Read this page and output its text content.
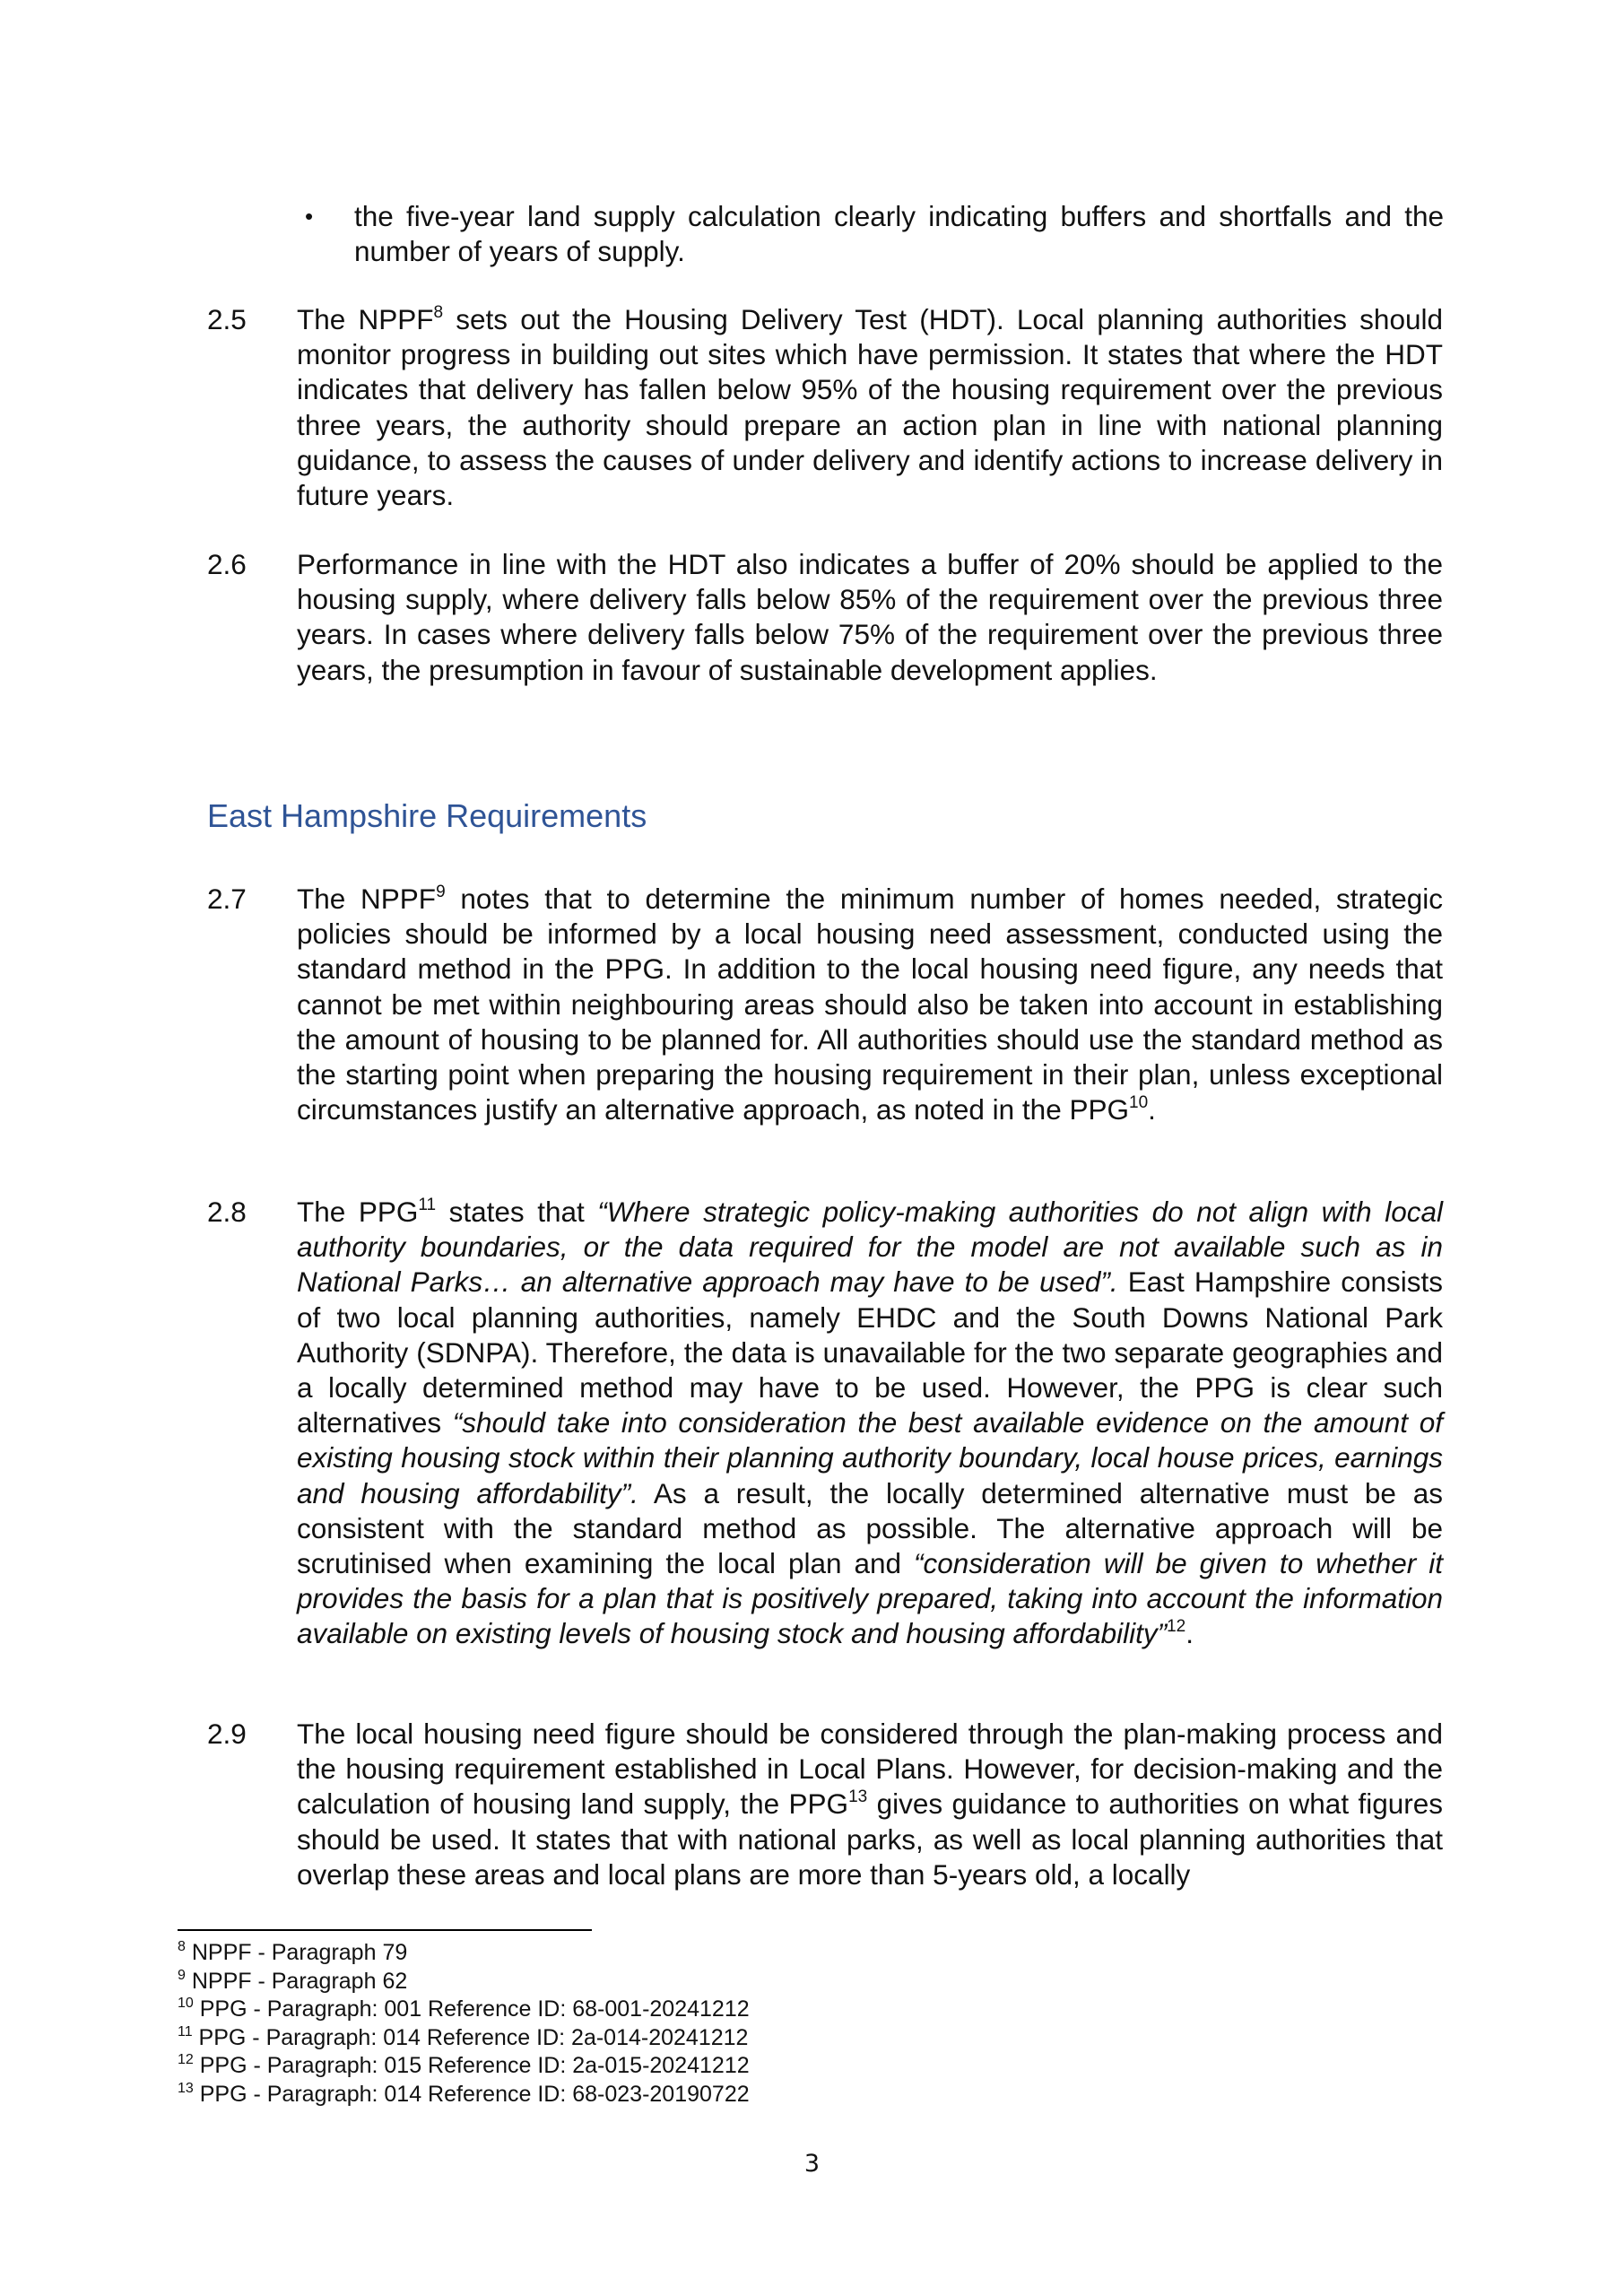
• the five-year land supply calculation clearly indicating buffers and shortfalls and the number of years of supply.
2.5 The NPPF$^8$ sets out the Housing Delivery Test (HDT). Local planning authorities should monitor progress in building out sites which have permission. It states that where the HDT indicates that delivery has fallen below 95% of the housing requirement over the previous three years, the authority should prepare an action plan in line with national planning guidance, to assess the causes of under delivery and identify actions to increase delivery in future years.
2.6 Performance in line with the HDT also indicates a buffer of 20% should be applied to the housing supply, where delivery falls below 85% of the requirement over the previous three years. In cases where delivery falls below 75% of the requirement over the previous three years, the presumption in favour of sustainable development applies.
East Hampshire Requirements
2.7 The NPPF$^9$ notes that to determine the minimum number of homes needed, strategic policies should be informed by a local housing need assessment, conducted using the standard method in the PPG. In addition to the local housing need figure, any needs that cannot be met within neighbouring areas should also be taken into account in establishing the amount of housing to be planned for. All authorities should use the standard method as the starting point when preparing the housing requirement in their plan, unless exceptional circumstances justify an alternative approach, as noted in the PPG$^{10}$.
2.8 The PPG$^{11}$ states that “Where strategic policy-making authorities do not align with local authority boundaries, or the data required for the model are not available such as in National Parks… an alternative approach may have to be used”. East Hampshire consists of two local planning authorities, namely EHDC and the South Downs National Park Authority (SDNPA). Therefore, the data is unavailable for the two separate geographies and a locally determined method may have to be used. However, the PPG is clear such alternatives “should take into consideration the best available evidence on the amount of existing housing stock within their planning authority boundary, local house prices, earnings and housing affordability”. As a result, the locally determined alternative must be as consistent with the standard method as possible. The alternative approach will be scrutinised when examining the local plan and “consideration will be given to whether it provides the basis for a plan that is positively prepared, taking into account the information available on existing levels of housing stock and housing affordability”$^{12}$.
2.9 The local housing need figure should be considered through the plan-making process and the housing requirement established in Local Plans. However, for decision-making and the calculation of housing land supply, the PPG$^{13}$ gives guidance to authorities on what figures should be used. It states that with national parks, as well as local planning authorities that overlap these areas and local plans are more than 5-years old, a locally
$^8$ NPPF - Paragraph 79
$^9$ NPPF - Paragraph 62
$^{10}$ PPG - Paragraph: 001 Reference ID: 68-001-20241212
$^{11}$ PPG - Paragraph: 014 Reference ID: 2a-014-20241212
$^{12}$ PPG - Paragraph: 015 Reference ID: 2a-015-20241212
$^{13}$ PPG - Paragraph: 014 Reference ID: 68-023-20190722
3
